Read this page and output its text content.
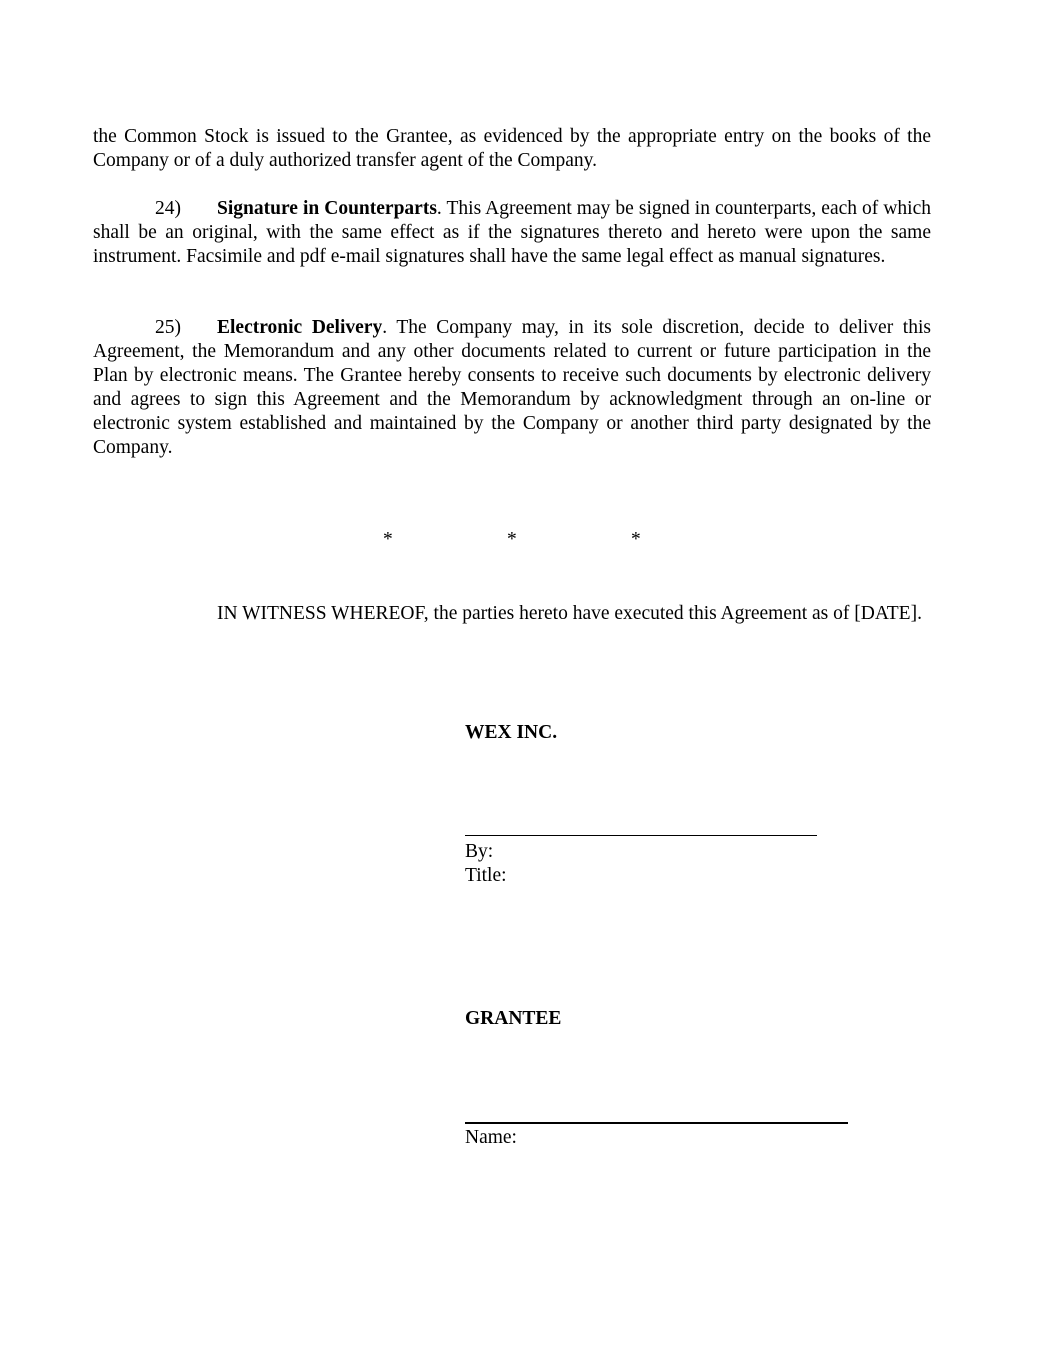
the Common Stock is issued to the Grantee, as evidenced by the appropriate entry on the books of the Company or of a duly authorized transfer agent of the Company.

24) Signature in Counterparts. This Agreement may be signed in counterparts, each of which shall be an original, with the same effect as if the signatures thereto and hereto were upon the same instrument. Facsimile and pdf e-mail signatures shall have the same legal effect as manual signatures.

25) Electronic Delivery. The Company may, in its sole discretion, decide to deliver this Agreement, the Memorandum and any other documents related to current or future participation in the Plan by electronic means. The Grantee hereby consents to receive such documents by electronic delivery and agrees to sign this Agreement and the Memorandum by acknowledgment through an on-line or electronic system established and maintained by the Company or another third party designated by the Company.

*	*	*

IN WITNESS WHEREOF, the parties hereto have executed this Agreement as of [DATE].

WEX INC.
By:
Title:
GRANTEE
Name:
